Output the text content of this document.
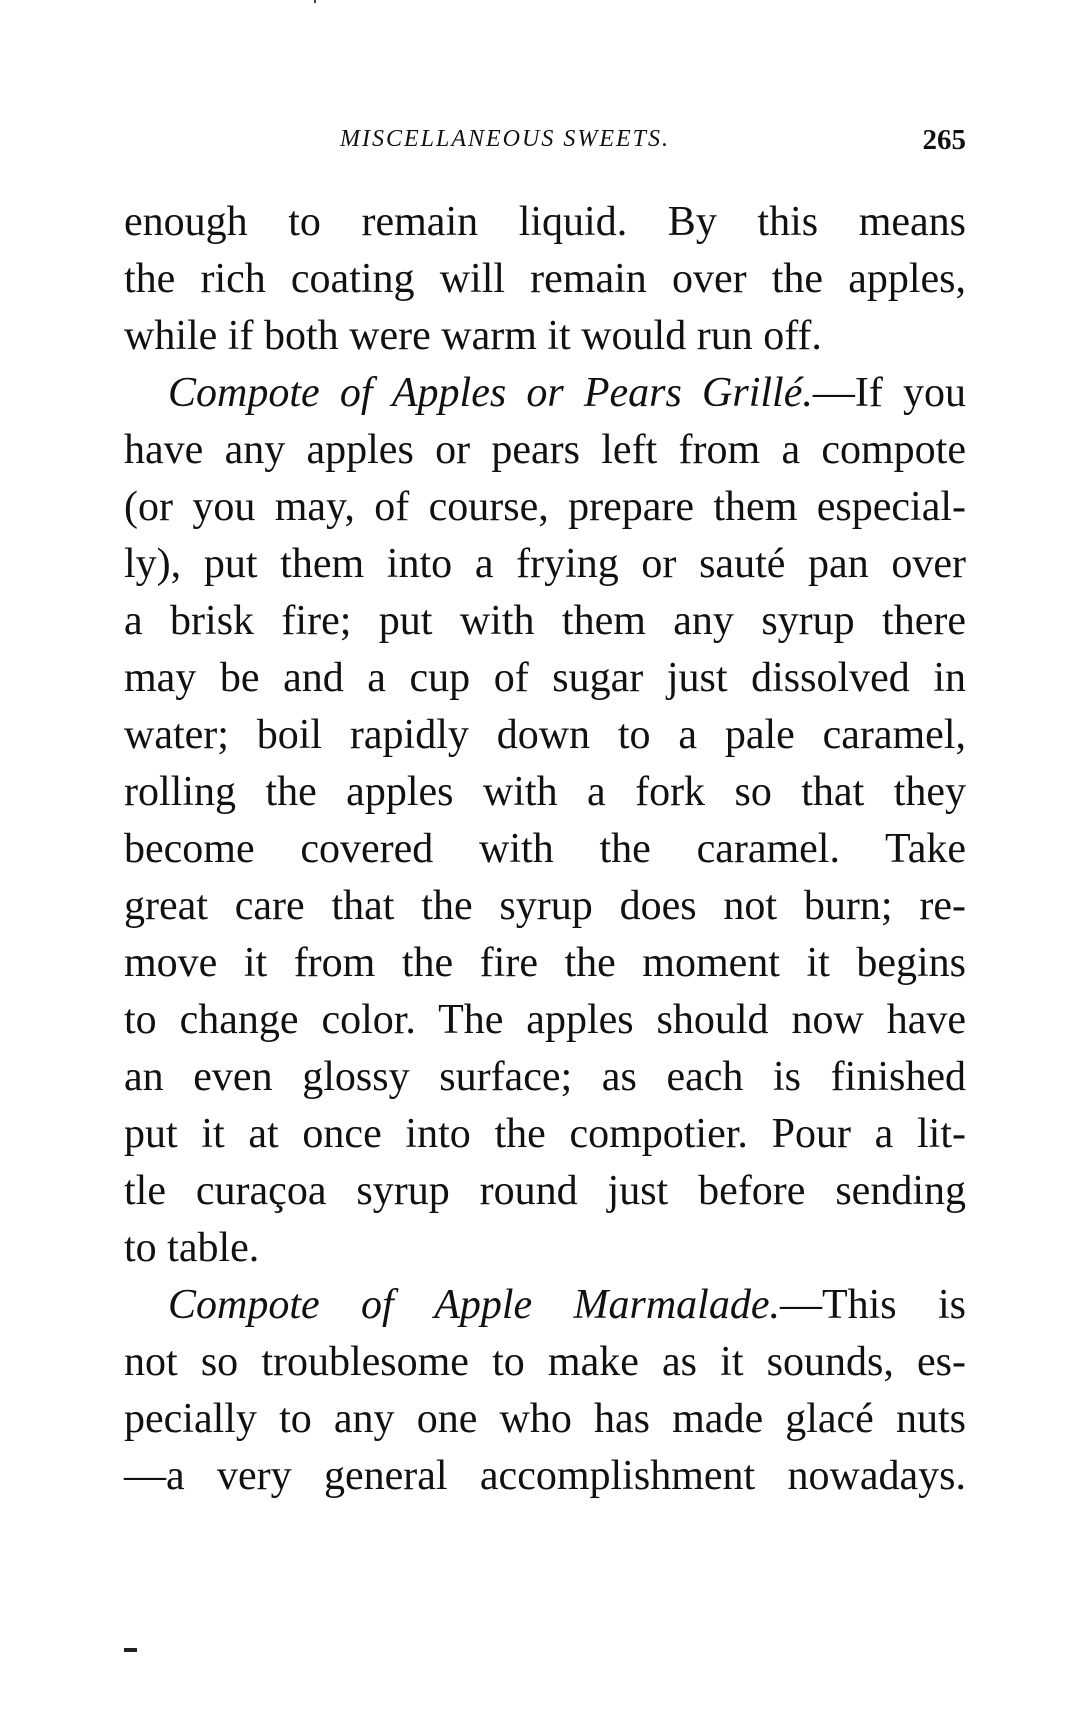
MISCELLANEOUS SWEETS.	265
enough to remain liquid. By this means
the rich coating will remain over the apples,
while if both were warm it would run off.
Compote of Apples or Pears Grillé.—If you
have any apples or pears left from a compote
(or you may, of course, prepare them especial-
ly), put them into a frying or sauté pan over
a brisk fire; put with them any syrup there
may be and a cup of sugar just dissolved in
water; boil rapidly down to a pale caramel,
rolling the apples with a fork so that they
become covered with the caramel. Take
great care that the syrup does not burn; re-
move it from the fire the moment it begins
to change color. The apples should now have
an even glossy surface; as each is finished
put it at once into the compotier. Pour a lit-
tle curaçoa syrup round just before sending
to table.
Compote of Apple Marmalade.—This is
not so troublesome to make as it sounds, es-
pecially to any one who has made glacé nuts
—a very general accomplishment nowadays.
